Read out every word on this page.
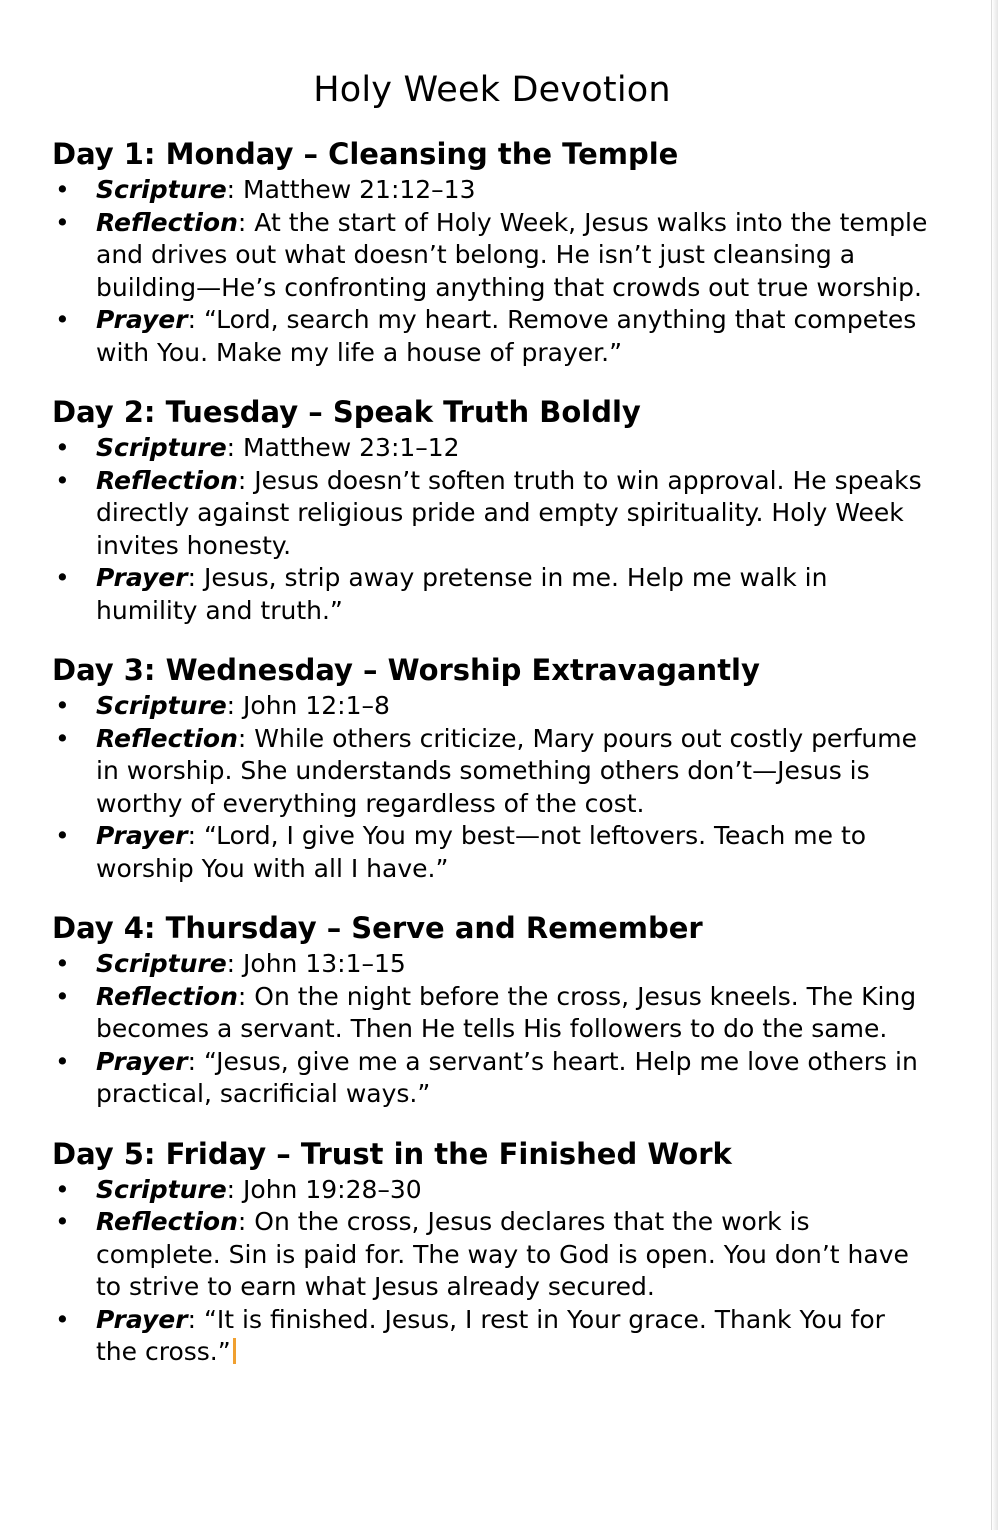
Holy Week Devotion
Day 1: Monday – Cleansing the Temple
• Scripture: Matthew 21:12–13
• Reflection: At the start of Holy Week, Jesus walks into the temple and drives out what doesn’t belong. He isn’t just cleansing a building—He’s confronting anything that crowds out true worship.
• Prayer: “Lord, search my heart. Remove anything that competes with You. Make my life a house of prayer.”
Day 2: Tuesday – Speak Truth Boldly
• Scripture: Matthew 23:1–12
• Reflection: Jesus doesn’t soften truth to win approval. He speaks directly against religious pride and empty spirituality. Holy Week invites honesty.
• Prayer: Jesus, strip away pretense in me. Help me walk in humility and truth.”
Day 3: Wednesday – Worship Extravagantly
• Scripture: John 12:1–8
• Reflection: While others criticize, Mary pours out costly perfume in worship. She understands something others don’t—Jesus is worthy of everything regardless of the cost.
• Prayer: “Lord, I give You my best—not leftovers. Teach me to worship You with all I have.”
Day 4: Thursday – Serve and Remember
• Scripture: John 13:1–15
• Reflection: On the night before the cross, Jesus kneels. The King becomes a servant. Then He tells His followers to do the same.
• Prayer: “Jesus, give me a servant’s heart. Help me love others in practical, sacrificial ways.”
Day 5: Friday – Trust in the Finished Work
• Scripture: John 19:28–30
• Reflection: On the cross, Jesus declares that the work is complete. Sin is paid for. The way to God is open. You don’t have to strive to earn what Jesus already secured.
• Prayer: “It is finished. Jesus, I rest in Your grace. Thank You for the cross.”
